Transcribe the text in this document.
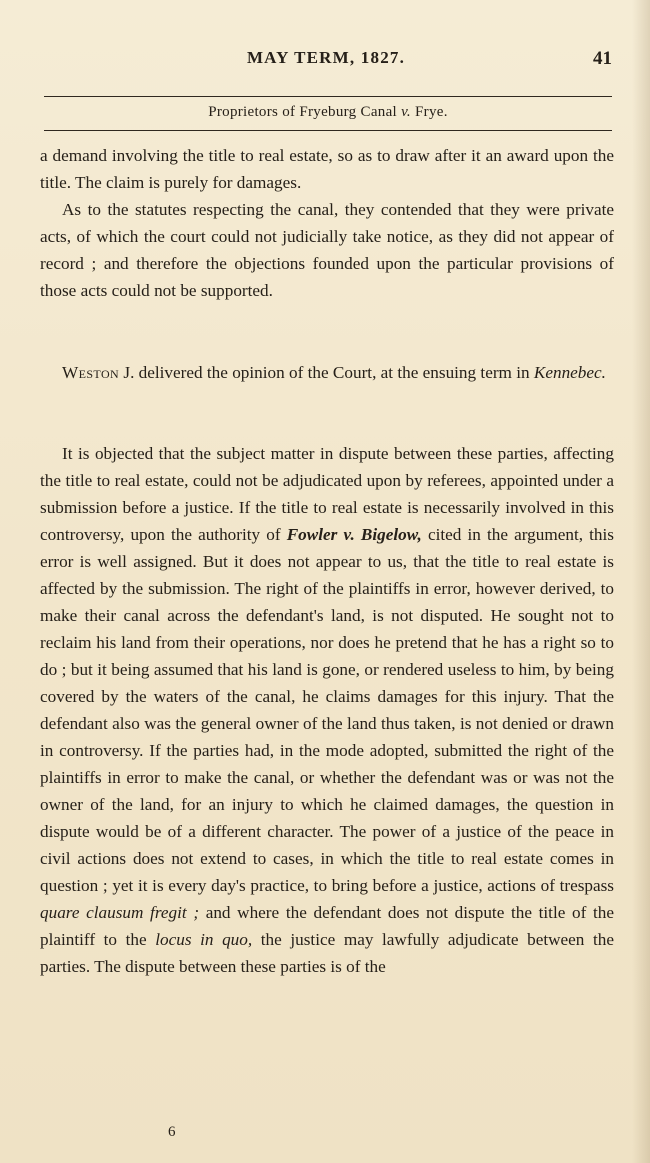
MAY TERM, 1827.	41
Proprietors of Fryeburg Canal v. Frye.

a demand involving the title to real estate, so as to draw after it an award upon the title. The claim is purely for damages.

As to the statutes respecting the canal, they contended that they were private acts, of which the court could not judicially take notice, as they did not appear of record ; and therefore the objections founded upon the particular provisions of those acts could not be supported.

Weston J. delivered the opinion of the Court, at the ensuing term in Kennebec.

It is objected that the subject matter in dispute between these parties, affecting the title to real estate, could not be adjudicated upon by referees, appointed under a submission before a justice. If the title to real estate is necessarily involved in this controversy, upon the authority of Fowler v. Bigelow, cited in the argument, this error is well assigned. But it does not appear to us, that the title to real estate is affected by the submission. The right of the plaintiffs in error, however derived, to make their canal across the defendant's land, is not disputed. He sought not to reclaim his land from their operations, nor does he pretend that he has a right so to do ; but it being assumed that his land is gone, or rendered useless to him, by being covered by the waters of the canal, he claims damages for this injury. That the defendant also was the general owner of the land thus taken, is not denied or drawn in controversy. If the parties had, in the mode adopted, submitted the right of the plaintiffs in error to make the canal, or whether the defendant was or was not the owner of the land, for an injury to which he claimed damages, the question in dispute would be of a different character. The power of a justice of the peace in civil actions does not extend to cases, in which the title to real estate comes in question ; yet it is every day's practice, to bring before a justice, actions of trespass quare clausum fregit ; and where the defendant does not dispute the title of the plaintiff to the locus in quo, the justice may lawfully adjudicate between the parties. The dispute between these parties is of the

6
